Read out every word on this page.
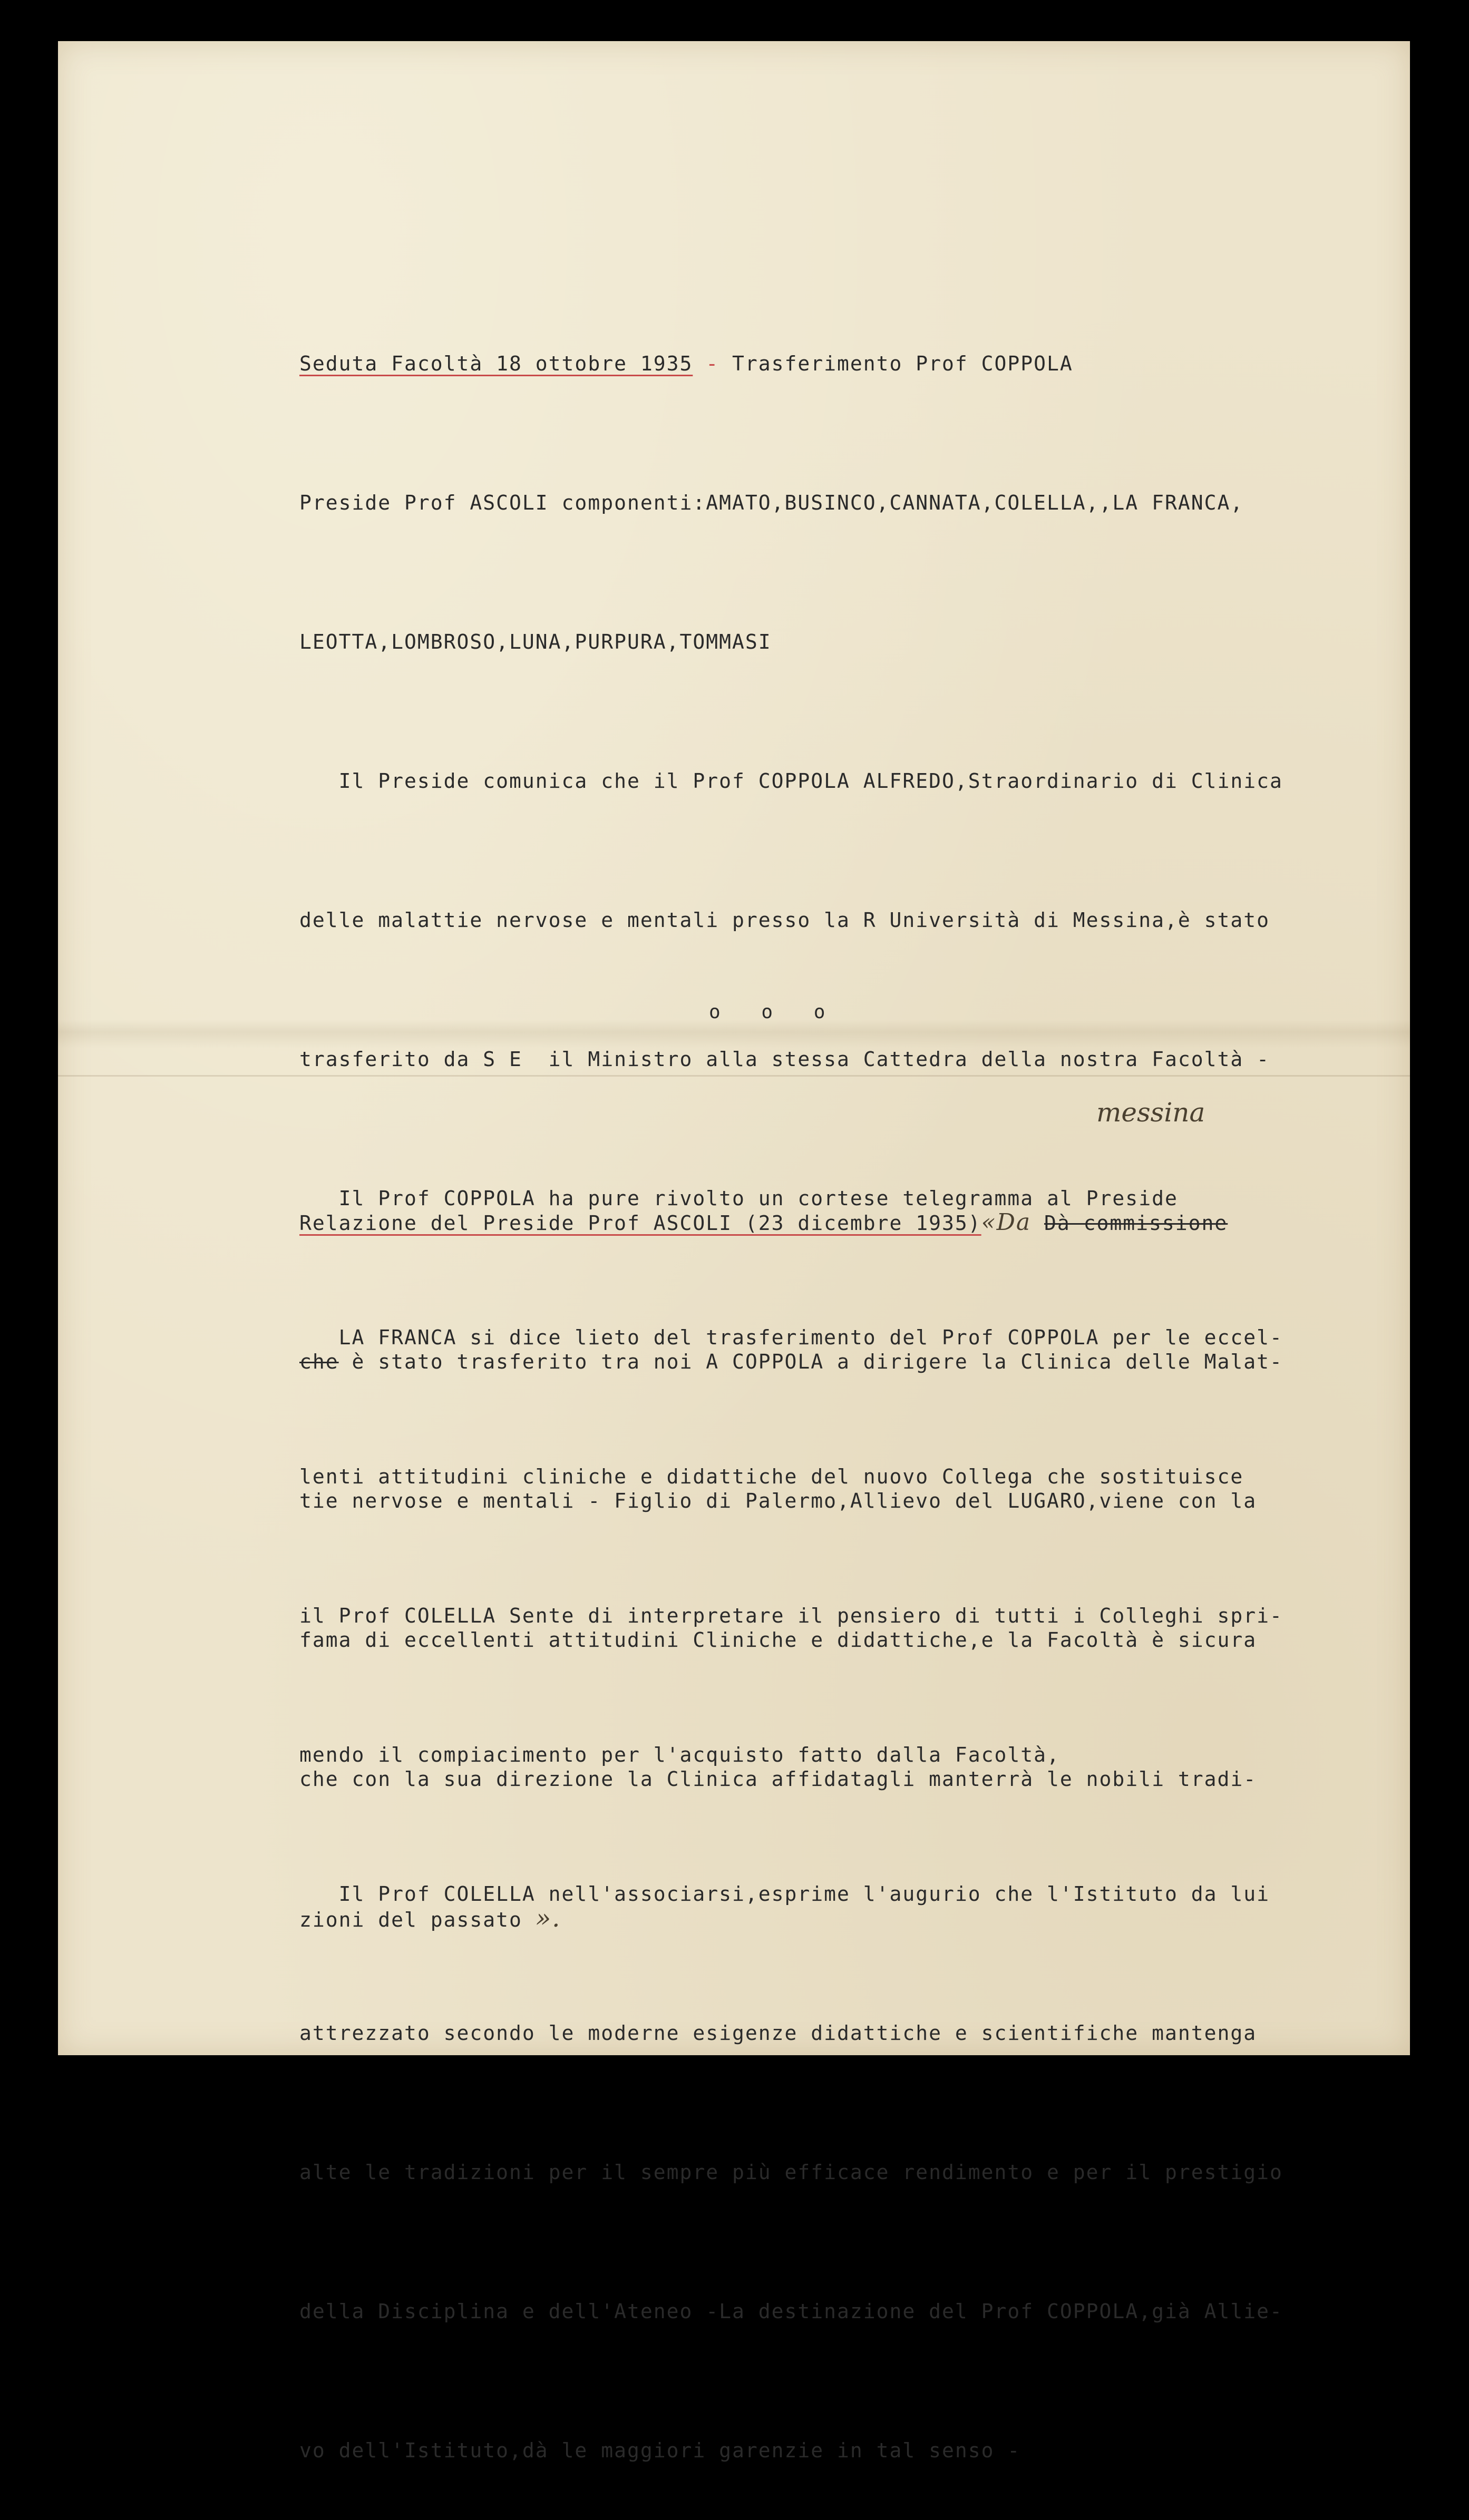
Seduta Facoltà 18 ottobre 1935 - Trasferimento Prof COPPOLA

Preside Prof ASCOLI componenti:AMATO,BUSINCO,CANNATA,COLELLA,,LA FRANCA,

LEOTTA,LOMBROSO,LUNA,PURPURA,TOMMASI

Il Preside comunica che il Prof COPPOLA ALFREDO,Straordinario di Clinica

delle malattie nervose e mentali presso la R Università di Messina,è stato

trasferito da S E  il Ministro alla stessa Cattedra della nostra Facoltà -

Il Prof COPPOLA ha pure rivolto un cortese telegramma al Preside

LA FRANCA si dice lieto del trasferimento del Prof COPPOLA per le eccel-

lenti attitudini cliniche e didattiche del nuovo Collega che sostituisce

il Prof COLELLA Sente di interpretare il pensiero di tutti i Colleghi spri-

mendo il compiacimento per l'acquisto fatto dalla Facoltà,

Il Prof COLELLA nell'associarsi,esprime l'augurio che l'Istituto da lui

attrezzato secondo le moderne esigenze didattiche e scientifiche mantenga

alte le tradizioni per il sempre più efficace rendimento e per il prestigio

della Disciplina e dell'Ateneo -La destinazione del Prof COPPOLA,già Allie-

vo dell'Istituto,dà le maggiori garenzie in tal senso -

o o o

Relazione del Preside Prof ASCOLI (23 dicembre 1935)«Da Dà commissione

che è stato trasferito tra noi A COPPOLA a dirigere la Clinica delle Malat-

tie nervose e mentali - Figlio di Palermo,Allievo del LUGARO,viene con la

fama di eccellenti attitudini Cliniche e didattiche,e la Facoltà è sicura

che con la sua direzione la Clinica affidatagli manterrà le nobili tradi-

zioni del passato ».

messina
